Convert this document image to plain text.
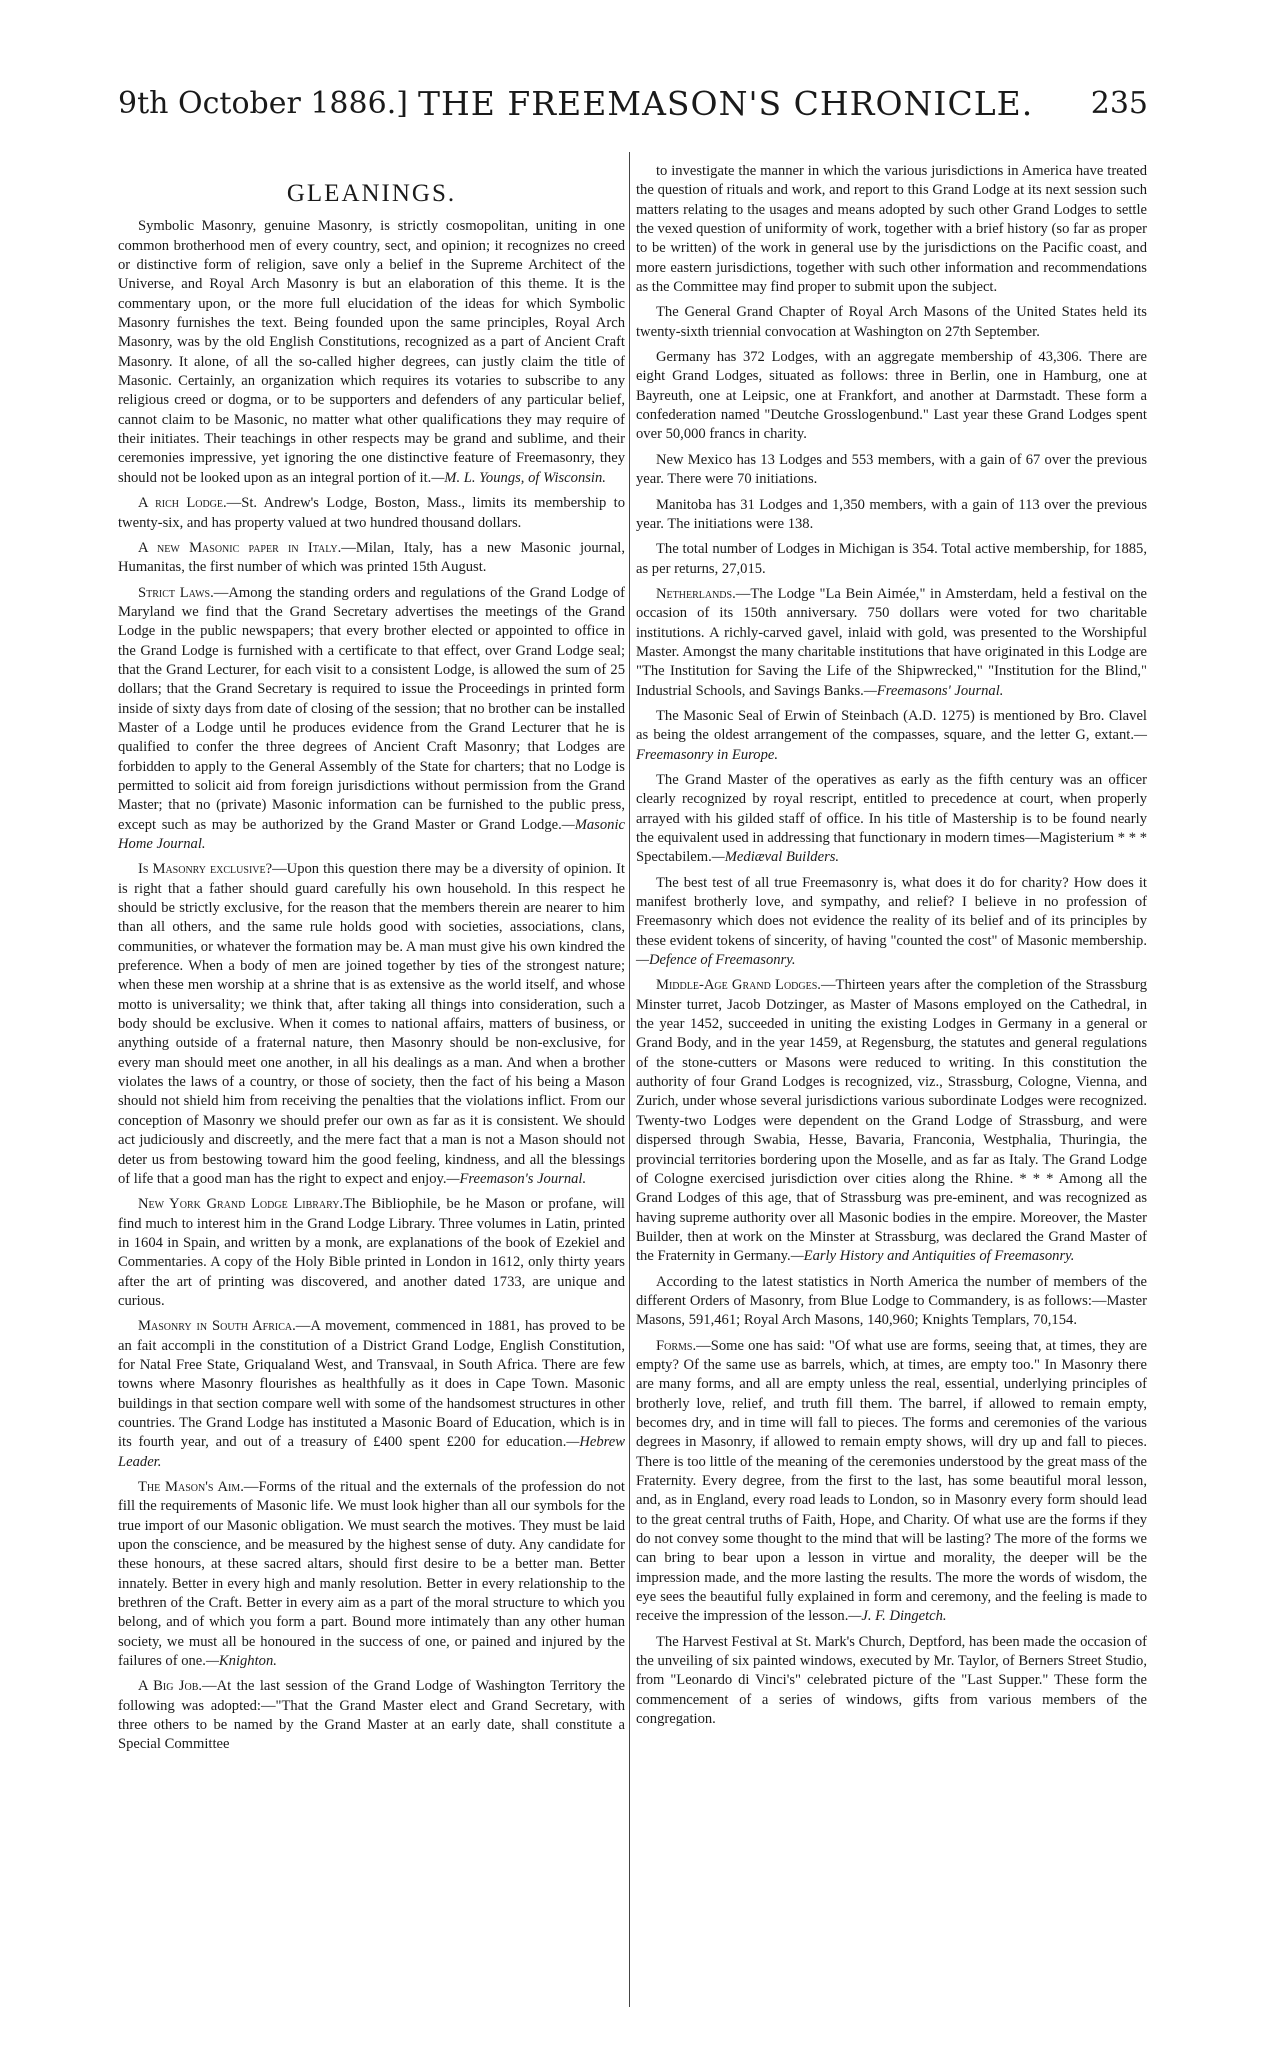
9th October 1886.] THE FREEMASON'S CHRONICLE. 235
GLEANINGS.

Symbolic Masonry, genuine Masonry, is strictly cosmopolitan, uniting in one common brotherhood men of every country, sect, and opinion; it recognizes no creed or distinctive form of religion, save only a belief in the Supreme Architect of the Universe, and Royal Arch Masonry is but an elaboration of this theme. It is the commentary upon, or the more full elucidation of the ideas for which Symbolic Masonry furnishes the text. Being founded upon the same principles, Royal Arch Masonry, was by the old English Constitutions, recognized as a part of Ancient Craft Masonry. It alone, of all the so-called higher degrees, can justly claim the title of Masonic. Certainly, an organization which requires its votaries to subscribe to any religious creed or dogma, or to be supporters and defenders of any particular belief, cannot claim to be Masonic, no matter what other qualifications they may require of their initiates. Their teachings in other respects may be grand and sublime, and their ceremonies impressive, yet ignoring the one distinctive feature of Freemasonry, they should not be looked upon as an integral portion of it.—M. L. Youngs, of Wisconsin.

A rich Lodge.—St. Andrew's Lodge, Boston, Mass., limits its membership to twenty-six, and has property valued at two hundred thousand dollars.

A new Masonic paper in Italy.—Milan, Italy, has a new Masonic journal, Humanitas, the first number of which was printed 15th August.

Strict Laws.—Among the standing orders and regulations of the Grand Lodge of Maryland we find that the Grand Secretary advertises the meetings of the Grand Lodge in the public newspapers; that every brother elected or appointed to office in the Grand Lodge is furnished with a certificate to that effect, over Grand Lodge seal; that the Grand Lecturer, for each visit to a consistent Lodge, is allowed the sum of 25 dollars; that the Grand Secretary is required to issue the Proceedings in printed form inside of sixty days from date of closing of the session; that no brother can be installed Master of a Lodge until he produces evidence from the Grand Lecturer that he is qualified to confer the three degrees of Ancient Craft Masonry; that Lodges are forbidden to apply to the General Assembly of the State for charters; that no Lodge is permitted to solicit aid from foreign jurisdictions without permission from the Grand Master; that no (private) Masonic information can be furnished to the public press, except such as may be authorized by the Grand Master or Grand Lodge.—Masonic Home Journal.

Is Masonry exclusive?—Upon this question there may be a diversity of opinion. It is right that a father should guard carefully his own household. In this respect he should be strictly exclusive, for the reason that the members therein are nearer to him than all others, and the same rule holds good with societies, associations, clans, communities, or whatever the formation may be. A man must give his own kindred the preference. When a body of men are joined together by ties of the strongest nature; when these men worship at a shrine that is as extensive as the world itself, and whose motto is universality; we think that, after taking all things into consideration, such a body should be exclusive. When it comes to national affairs, matters of business, or anything outside of a fraternal nature, then Masonry should be non-exclusive, for every man should meet one another, in all his dealings as a man. And when a brother violates the laws of a country, or those of society, then the fact of his being a Mason should not shield him from receiving the penalties that the violations inflict. From our conception of Masonry we should prefer our own as far as it is consistent. We should act judiciously and discreetly, and the mere fact that a man is not a Mason should not deter us from bestowing toward him the good feeling, kindness, and all the blessings of life that a good man has the right to expect and enjoy.—Freemason's Journal.

New York Grand Lodge Library.The Bibliophile, be he Mason or profane, will find much to interest him in the Grand Lodge Library. Three volumes in Latin, printed in 1604 in Spain, and written by a monk, are explanations of the book of Ezekiel and Commentaries. A copy of the Holy Bible printed in London in 1612, only thirty years after the art of printing was discovered, and another dated 1733, are unique and curious.

Masonry in South Africa.—A movement, commenced in 1881, has proved to be an fait accompli in the constitution of a District Grand Lodge, English Constitution, for Natal Free State, Griqualand West, and Transvaal, in South Africa. There are few towns where Masonry flourishes as healthfully as it does in Cape Town. Masonic buildings in that section compare well with some of the handsomest structures in other countries. The Grand Lodge has instituted a Masonic Board of Education, which is in its fourth year, and out of a treasury of £400 spent £200 for education.—Hebrew Leader.

The Mason's Aim.—Forms of the ritual and the externals of the profession do not fill the requirements of Masonic life. We must look higher than all our symbols for the true import of our Masonic obligation. We must search the motives. They must be laid upon the conscience, and be measured by the highest sense of duty. Any candidate for these honours, at these sacred altars, should first desire to be a better man. Better innately. Better in every high and manly resolution. Better in every relationship to the brethren of the Craft. Better in every aim as a part of the moral structure to which you belong, and of which you form a part. Bound more intimately than any other human society, we must all be honoured in the success of one, or pained and injured by the failures of one.—Knighton.

A Big Job.—At the last session of the Grand Lodge of Washington Territory the following was adopted:—"That the Grand Master elect and Grand Secretary, with three others to be named by the Grand Master at an early date, shall constitute a Special Committee

to investigate the manner in which the various jurisdictions in America have treated the question of rituals and work, and report to this Grand Lodge at its next session such matters relating to the usages and means adopted by such other Grand Lodges to settle the vexed question of uniformity of work, together with a brief history (so far as proper to be written) of the work in general use by the jurisdictions on the Pacific coast, and more eastern jurisdictions, together with such other information and recommendations as the Committee may find proper to submit upon the subject.

The General Grand Chapter of Royal Arch Masons of the United States held its twenty-sixth triennial convocation at Washington on 27th September.

Germany has 372 Lodges, with an aggregate membership of 43,306. There are eight Grand Lodges, situated as follows: three in Berlin, one in Hamburg, one at Bayreuth, one at Leipsic, one at Frankfort, and another at Darmstadt. These form a confederation named "Deutche Grosslogenbund." Last year these Grand Lodges spent over 50,000 francs in charity.

New Mexico has 13 Lodges and 553 members, with a gain of 67 over the previous year. There were 70 initiations.

Manitoba has 31 Lodges and 1,350 members, with a gain of 113 over the previous year. The initiations were 138.

The total number of Lodges in Michigan is 354. Total active membership, for 1885, as per returns, 27,015.

Netherlands.—The Lodge "La Bein Aimée," in Amsterdam, held a festival on the occasion of its 150th anniversary. 750 dollars were voted for two charitable institutions. A richly-carved gavel, inlaid with gold, was presented to the Worshipful Master. Amongst the many charitable institutions that have originated in this Lodge are "The Institution for Saving the Life of the Shipwrecked," "Institution for the Blind," Industrial Schools, and Savings Banks.—Freemasons' Journal.

The Masonic Seal of Erwin of Steinbach (A.D. 1275) is mentioned by Bro. Clavel as being the oldest arrangement of the compasses, square, and the letter G, extant.—Freemasonry in Europe.

The Grand Master of the operatives as early as the fifth century was an officer clearly recognized by royal rescript, entitled to precedence at court, when properly arrayed with his gilded staff of office. In his title of Mastership is to be found nearly the equivalent used in addressing that functionary in modern times—Magisterium * * * Spectabilem.—Mediæval Builders.

The best test of all true Freemasonry is, what does it do for charity? How does it manifest brotherly love, and sympathy, and relief? I believe in no profession of Freemasonry which does not evidence the reality of its belief and of its principles by these evident tokens of sincerity, of having "counted the cost" of Masonic membership.—Defence of Freemasonry.

Middle-Age Grand Lodges.—Thirteen years after the completion of the Strassburg Minster turret, Jacob Dotzinger, as Master of Masons employed on the Cathedral, in the year 1452, succeeded in uniting the existing Lodges in Germany in a general or Grand Body, and in the year 1459, at Regensburg, the statutes and general regulations of the stone-cutters or Masons were reduced to writing. In this constitution the authority of four Grand Lodges is recognized, viz., Strassburg, Cologne, Vienna, and Zurich, under whose several jurisdictions various subordinate Lodges were recognized. Twenty-two Lodges were dependent on the Grand Lodge of Strassburg, and were dispersed through Swabia, Hesse, Bavaria, Franconia, Westphalia, Thuringia, the provincial territories bordering upon the Moselle, and as far as Italy. The Grand Lodge of Cologne exercised jurisdiction over cities along the Rhine. * * * Among all the Grand Lodges of this age, that of Strassburg was pre-eminent, and was recognized as having supreme authority over all Masonic bodies in the empire. Moreover, the Master Builder, then at work on the Minster at Strassburg, was declared the Grand Master of the Fraternity in Germany.—Early History and Antiquities of Freemasonry.

According to the latest statistics in North America the number of members of the different Orders of Masonry, from Blue Lodge to Commandery, is as follows:—Master Masons, 591,461; Royal Arch Masons, 140,960; Knights Templars, 70,154.

Forms.—Some one has said: "Of what use are forms, seeing that, at times, they are empty? Of the same use as barrels, which, at times, are empty too." In Masonry there are many forms, and all are empty unless the real, essential, underlying principles of brotherly love, relief, and truth fill them. The barrel, if allowed to remain empty, becomes dry, and in time will fall to pieces. The forms and ceremonies of the various degrees in Masonry, if allowed to remain empty shows, will dry up and fall to pieces. There is too little of the meaning of the ceremonies understood by the great mass of the Fraternity. Every degree, from the first to the last, has some beautiful moral lesson, and, as in England, every road leads to London, so in Masonry every form should lead to the great central truths of Faith, Hope, and Charity. Of what use are the forms if they do not convey some thought to the mind that will be lasting? The more of the forms we can bring to bear upon a lesson in virtue and morality, the deeper will be the impression made, and the more lasting the results. The more the words of wisdom, the eye sees the beautiful fully explained in form and ceremony, and the feeling is made to receive the impression of the lesson.—J. F. Dingetch.

The Harvest Festival at St. Mark's Church, Deptford, has been made the occasion of the unveiling of six painted windows, executed by Mr. Taylor, of Berners Street Studio, from "Leonardo di Vinci's" celebrated picture of the "Last Supper." These form the commencement of a series of windows, gifts from various members of the congregation.
